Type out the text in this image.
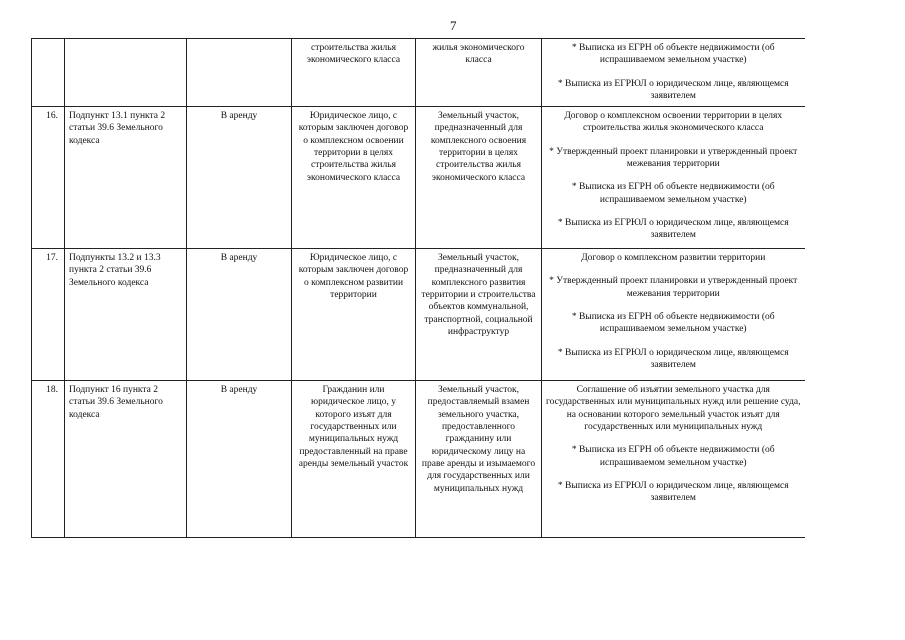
7
			строительства жилья экономического класса	жилья экономического класса	* Выписка из ЕГРН об объекте недвижимости (об испрашиваемом земельном участке)
* Выписка из ЕГРЮЛ о юридическом лице, являющемся заявителем

16.	Подпункт 13.1 пункта 2 статьи 39.6 Земельного кодекса	В аренду	Юридическое лицо, с которым заключен договор о комплексном освоении территории в целях строительства жилья экономического класса	Земельный участок, предназначенный для комплексного освоения территории в целях строительства жилья экономического класса	Договор о комплексном освоении территории в целях строительства жилья экономического класса
* Утвержденный проект планировки и утвержденный проект межевания территории
* Выписка из ЕГРН об объекте недвижимости (об испрашиваемом земельном участке)
* Выписка из ЕГРЮЛ о юридическом лице, являющемся заявителем

17.	Подпункты 13.2 и 13.3 пункта 2 статьи 39.6 Земельного кодекса	В аренду	Юридическое лицо, с которым заключен договор о комплексном развитии территории	Земельный участок, предназначенный для комплексного развития территории и строительства объектов коммунальной, транспортной, социальной инфраструктур	Договор о комплексном развитии территории
* Утвержденный проект планировки и утвержденный проект межевания территории
* Выписка из ЕГРН об объекте недвижимости (об испрашиваемом земельном участке)
* Выписка из ЕГРЮЛ о юридическом лице, являющемся заявителем

18.	Подпункт 16 пункта 2 статьи 39.6 Земельного кодекса	В аренду	Гражданин или юридическое лицо, у которого изъят для государственных или муниципальных нужд предоставленный на праве аренды земельный участок	Земельный участок, предоставляемый взамен земельного участка, предоставленного гражданину или юридическому лицу на праве аренды и изымаемого для государственных или муниципальных нужд	Соглашение об изъятии земельного участка для государственных или муниципальных нужд или решение суда, на основании которого земельный участок изъят для государственных или муниципальных нужд
* Выписка из ЕГРН об объекте недвижимости (об испрашиваемом земельном участке)
* Выписка из ЕГРЮЛ о юридическом лице, являющемся заявителем
